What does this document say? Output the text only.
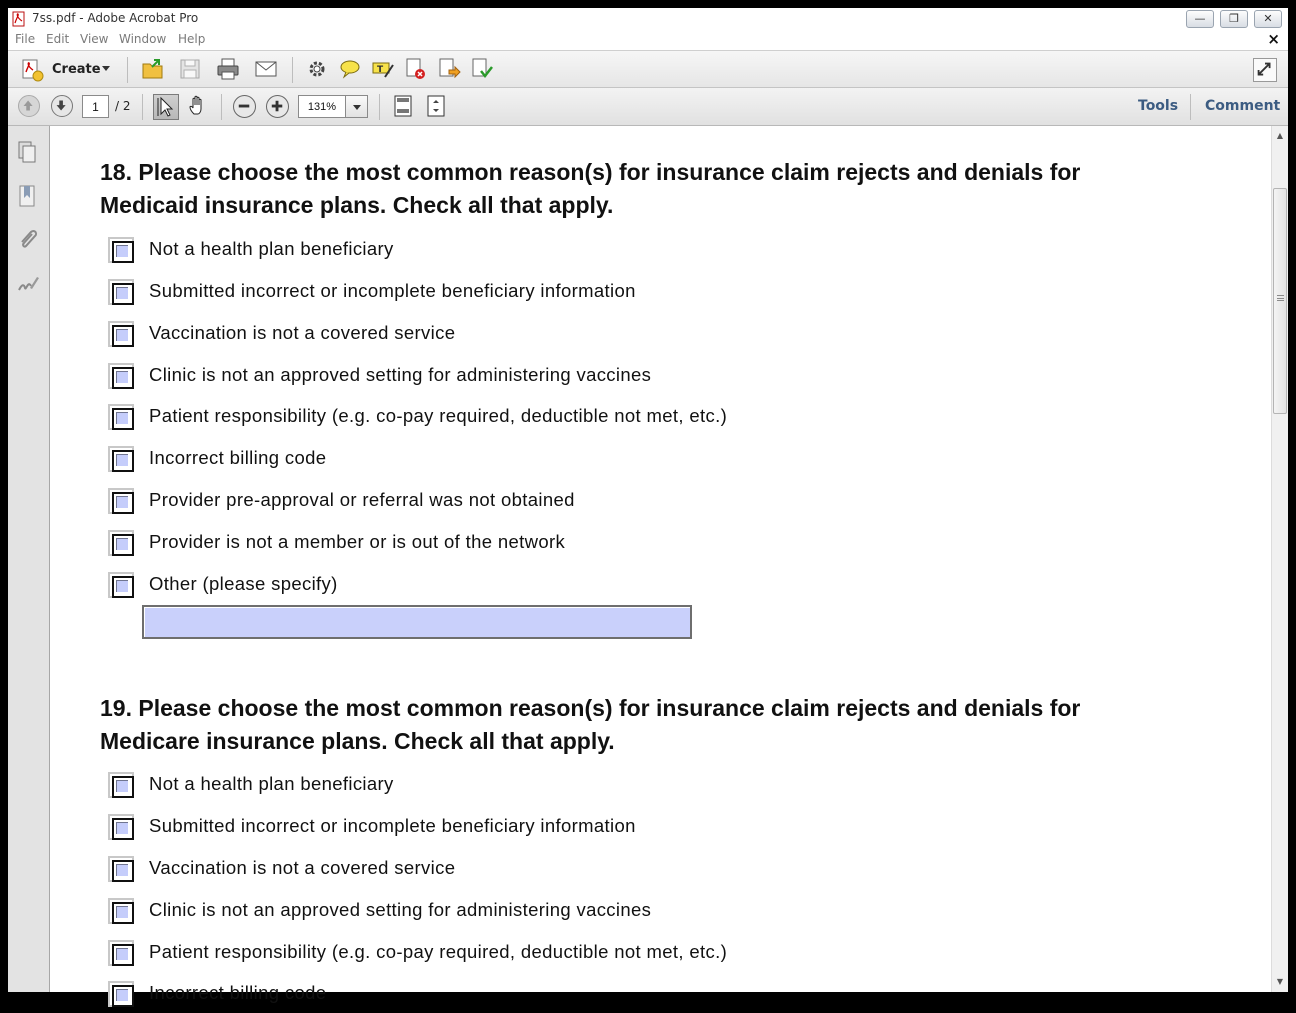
7ss.pdf - Adobe Acrobat Pro	—	❐	✕
File Edit View Window Help	×
Create	T
1
/ 2
131%	Tools Comment
18. Please choose the most common reason(s) for insurance claim rejects and denials for
Medicaid insurance plans. Check all that apply.
Not a health plan beneficiary
Submitted incorrect or incomplete beneficiary information
Vaccination is not a covered service
Clinic is not an approved setting for administering vaccines
Patient responsibility (e.g. co-pay required, deductible not met, etc.)
Incorrect billing code
Provider pre-approval or referral was not obtained
Provider is not a member or is out of the network
Other (please specify)
19. Please choose the most common reason(s) for insurance claim rejects and denials for
Medicare insurance plans. Check all that apply.
Not a health plan beneficiary
Submitted incorrect or incomplete beneficiary information
Vaccination is not a covered service
Clinic is not an approved setting for administering vaccines
Patient responsibility (e.g. co-pay required, deductible not met, etc.)
Incorrect billing code
▲
▼
